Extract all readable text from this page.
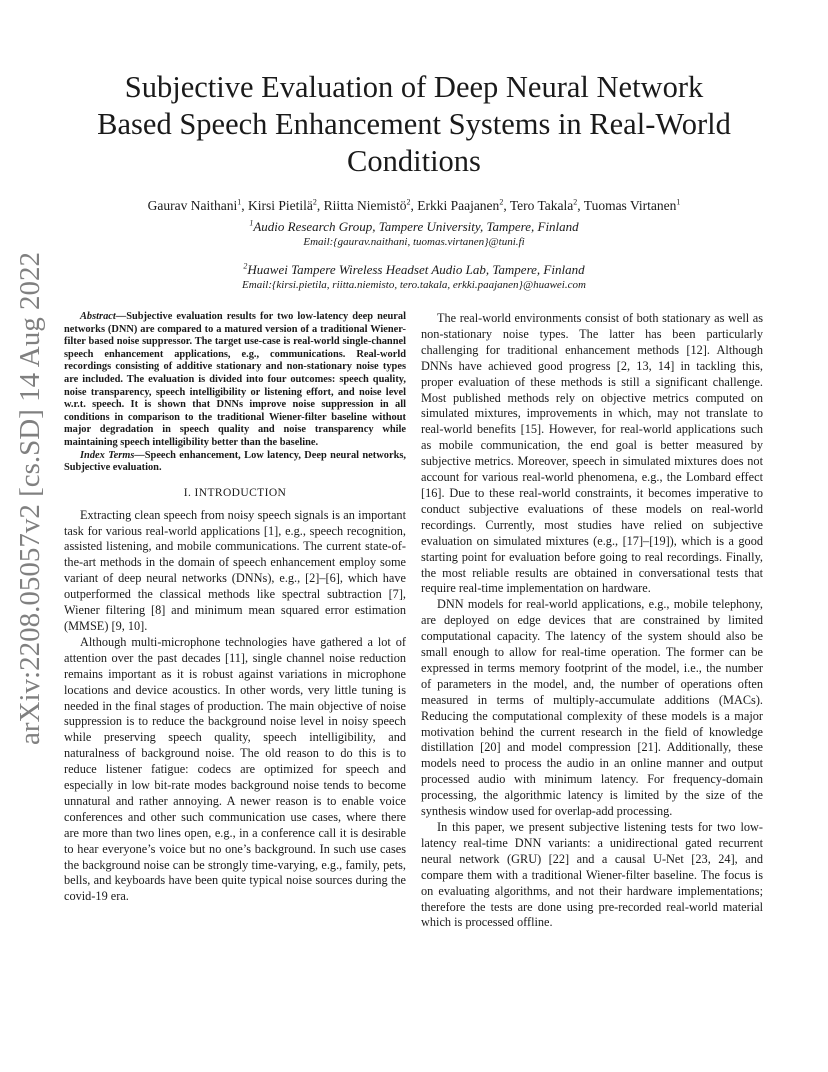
arXiv:2208.05057v2 [cs.SD] 14 Aug 2022
Subjective Evaluation of Deep Neural Network
Based Speech Enhancement Systems in Real-World
Conditions
Gaurav Naithani$^1$, Kirsi Pietilä$^2$, Riitta Niemistö$^2$, Erkki Paajanen$^2$, Tero Takala$^2$, Tuomas Virtanen$^1$
$^1$Audio Research Group, Tampere University, Tampere, Finland
Email:{gaurav.naithani, tuomas.virtanen}@tuni.fi
$^2$Huawei Tampere Wireless Headset Audio Lab, Tampere, Finland
Email:{kirsi.pietila, riitta.niemisto, tero.takala, erkki.paajanen}@huawei.com

Abstract—Subjective evaluation results for two low-latency deep neural networks (DNN) are compared to a matured version of a traditional Wiener-filter based noise suppressor. The target use-case is real-world single-channel speech enhancement applications, e.g., communications. Real-world recordings consisting of additive stationary and non-stationary noise types are included. The evaluation is divided into four outcomes: speech quality, noise transparency, speech intelligibility or listening effort, and noise level w.r.t. speech. It is shown that DNNs improve noise suppression in all conditions in comparison to the traditional Wiener-filter baseline without major degradation in speech quality and noise transparency while maintaining speech intelligibility better than the baseline.

Index Terms—Speech enhancement, Low latency, Deep neural networks, Subjective evaluation.

I. INTRODUCTION

Extracting clean speech from noisy speech signals is an important task for various real-world applications [1], e.g., speech recognition, assisted listening, and mobile communications. The current state-of-the-art methods in the domain of speech enhancement employ some variant of deep neural networks (DNNs), e.g., [2]–[6], which have outperformed the classical methods like spectral subtraction [7], Wiener filtering [8] and minimum mean squared error estimation (MMSE) [9, 10].

Although multi-microphone technologies have gathered a lot of attention over the past decades [11], single channel noise reduction remains important as it is robust against variations in microphone locations and device acoustics. In other words, very little tuning is needed in the final stages of production. The main objective of noise suppression is to reduce the background noise level in noisy speech while preserving speech quality, speech intelligibility, and naturalness of background noise. The old reason to do this is to reduce listener fatigue: codecs are optimized for speech and especially in low bit-rate modes background noise tends to become unnatural and rather annoying. A newer reason is to enable voice conferences and other such communication use cases, where there are more than two lines open, e.g., in a conference call it is desirable to hear everyone’s voice but no one’s background. In such use cases the background noise can be strongly time-varying, e.g., family, pets, bells, and keyboards have been quite typical noise sources during the covid-19 era.

The real-world environments consist of both stationary as well as non-stationary noise types. The latter has been particularly challenging for traditional enhancement methods [12]. Although DNNs have achieved good progress [2, 13, 14] in tackling this, proper evaluation of these methods is still a significant challenge. Most published methods rely on objective metrics computed on simulated mixtures, improvements in which, may not translate to real-world benefits [15]. However, for real-world applications such as mobile communication, the end goal is better measured by subjective metrics. Moreover, speech in simulated mixtures does not account for various real-world phenomena, e.g., the Lombard effect [16]. Due to these real-world constraints, it becomes imperative to conduct subjective evaluations of these models on real-world recordings. Currently, most studies have relied on subjective evaluation on simulated mixtures (e.g., [17]–[19]), which is a good starting point for evaluation before going to real recordings. Finally, the most reliable results are obtained in conversational tests that require real-time implementation on hardware.

DNN models for real-world applications, e.g., mobile telephony, are deployed on edge devices that are constrained by limited computational capacity. The latency of the system should also be small enough to allow for real-time operation. The former can be expressed in terms memory footprint of the model, i.e., the number of parameters in the model, and, the number of operations often measured in terms of multiply-accumulate additions (MACs). Reducing the computational complexity of these models is a major motivation behind the current research in the field of knowledge distillation [20] and model compression [21]. Additionally, these models need to process the audio in an online manner and output processed audio with minimum latency. For frequency-domain processing, the algorithmic latency is limited by the size of the synthesis window used for overlap-add processing.

In this paper, we present subjective listening tests for two low-latency real-time DNN variants: a unidirectional gated recurrent neural network (GRU) [22] and a causal U-Net [23, 24], and compare them with a traditional Wiener-filter baseline. The focus is on evaluating algorithms, and not their hardware implementations; therefore the tests are done using pre-recorded real-world material which is processed offline.
